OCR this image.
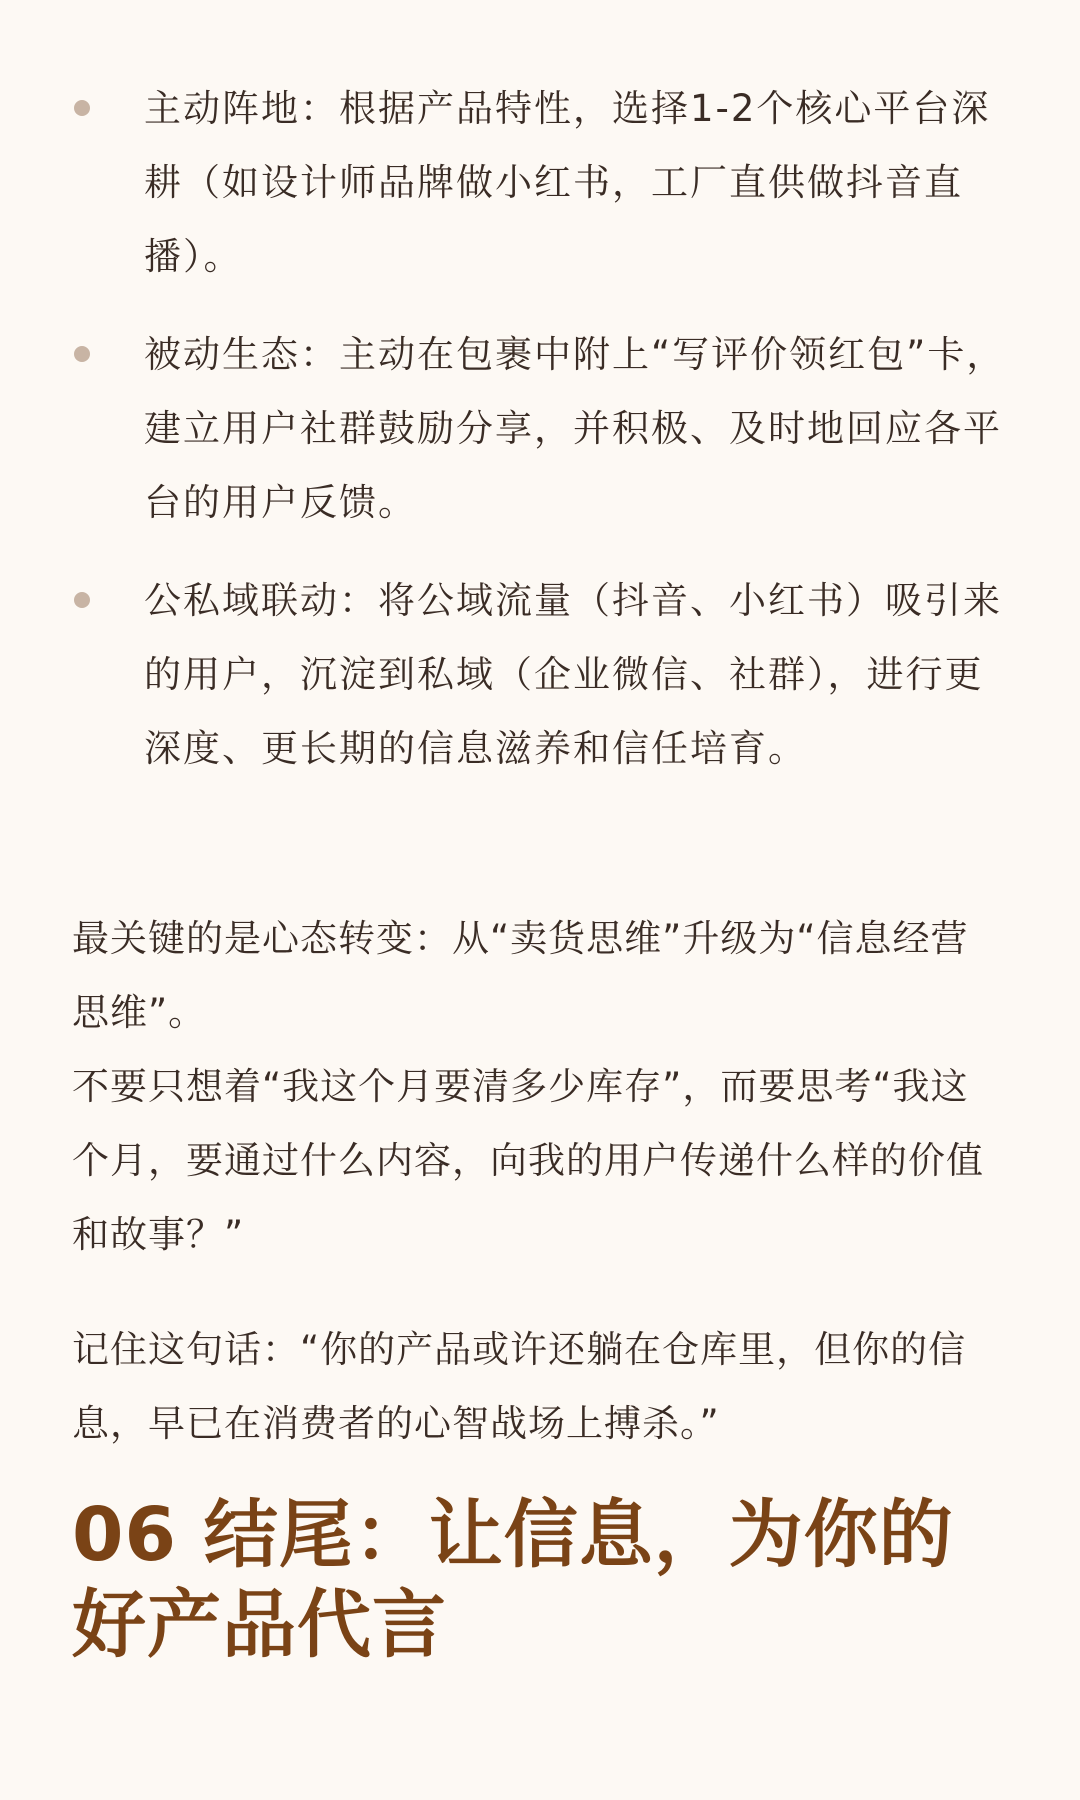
主动阵地：根据产品特性，选择1-2个核心平台深耕（如设计师品牌做小红书，工厂直供做抖音直播）。
被动生态：主动在包裹中附上“写评价领红包”卡，建立用户社群鼓励分享，并积极、及时地回应各平台的用户反馈。
公私域联动：将公域流量（抖音、小红书）吸引来的用户，沉淀到私域（企业微信、社群），进行更深度、更长期的信息滋养和信任培育。
最关键的是心态转变：从“卖货思维”升级为“信息经营思维”。
不要只想着“我这个月要清多少库存”，而要思考“我这个月，要通过什么内容，向我的用户传递什么样的价值和故事？”
记住这句话：“你的产品或许还躺在仓库里，但你的信息，早已在消费者的心智战场上搏杀。”
06 结尾：让信息，为你的好产品代言
